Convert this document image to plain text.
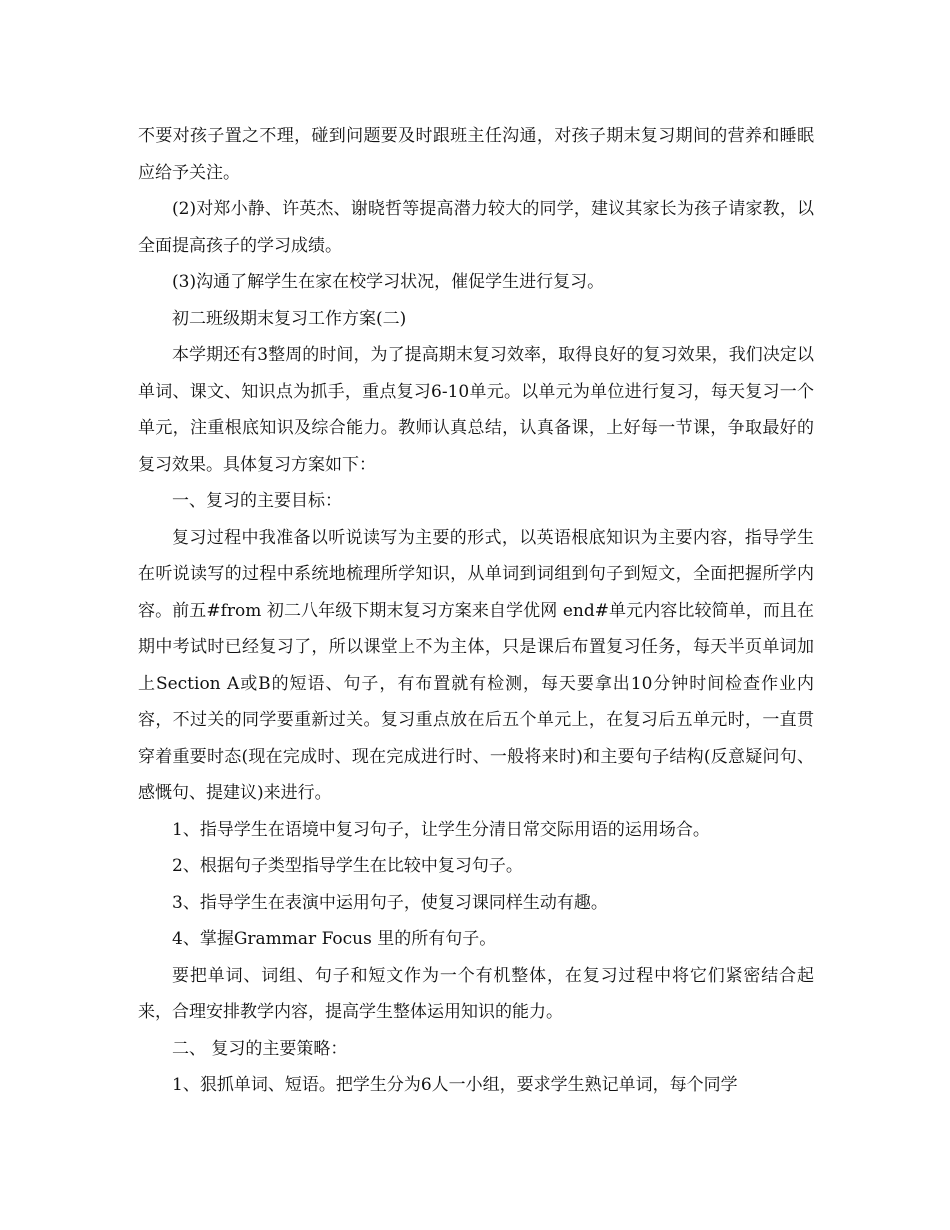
不要对孩子置之不理，碰到问题要及时跟班主任沟通，对孩子期末复习期间的营养和睡眠应给予关注。

(2)对郑小静、许英杰、谢晓哲等提高潜力较大的同学，建议其家长为孩子请家教，以全面提高孩子的学习成绩。

(3)沟通了解学生在家在校学习状况，催促学生进行复习。

初二班级期末复习工作方案(二)

本学期还有3整周的时间，为了提高期末复习效率，取得良好的复习效果，我们决定以单词、课文、知识点为抓手，重点复习6-10单元。以单元为单位进行复习，每天复习一个单元，注重根底知识及综合能力。教师认真总结，认真备课，上好每一节课，争取最好的复习效果。具体复习方案如下：

一、复习的主要目标：

复习过程中我准备以听说读写为主要的形式，以英语根底知识为主要内容，指导学生在听说读写的过程中系统地梳理所学知识，从单词到词组到句子到短文，全面把握所学内容。前五#from 初二八年级下期末复习方案来自学优网 end#单元内容比较简单，而且在期中考试时已经复习了，所以课堂上不为主体，只是课后布置复习任务，每天半页单词加上Section A或B的短语、句子，有布置就有检测，每天要拿出10分钟时间检查作业内容，不过关的同学要重新过关。复习重点放在后五个单元上，在复习后五单元时，一直贯穿着重要时态(现在完成时、现在完成进行时、一般将来时)和主要句子结构(反意疑问句、感慨句、提建议)来进行。

1、指导学生在语境中复习句子，让学生分清日常交际用语的运用场合。

2、根据句子类型指导学生在比较中复习句子。

3、指导学生在表演中运用句子，使复习课同样生动有趣。

4、掌握Grammar Focus 里的所有句子。

要把单词、词组、句子和短文作为一个有机整体，在复习过程中将它们紧密结合起来，合理安排教学内容，提高学生整体运用知识的能力。

二、 复习的主要策略：

1、狠抓单词、短语。把学生分为6人一小组，要求学生熟记单词，每个同学
